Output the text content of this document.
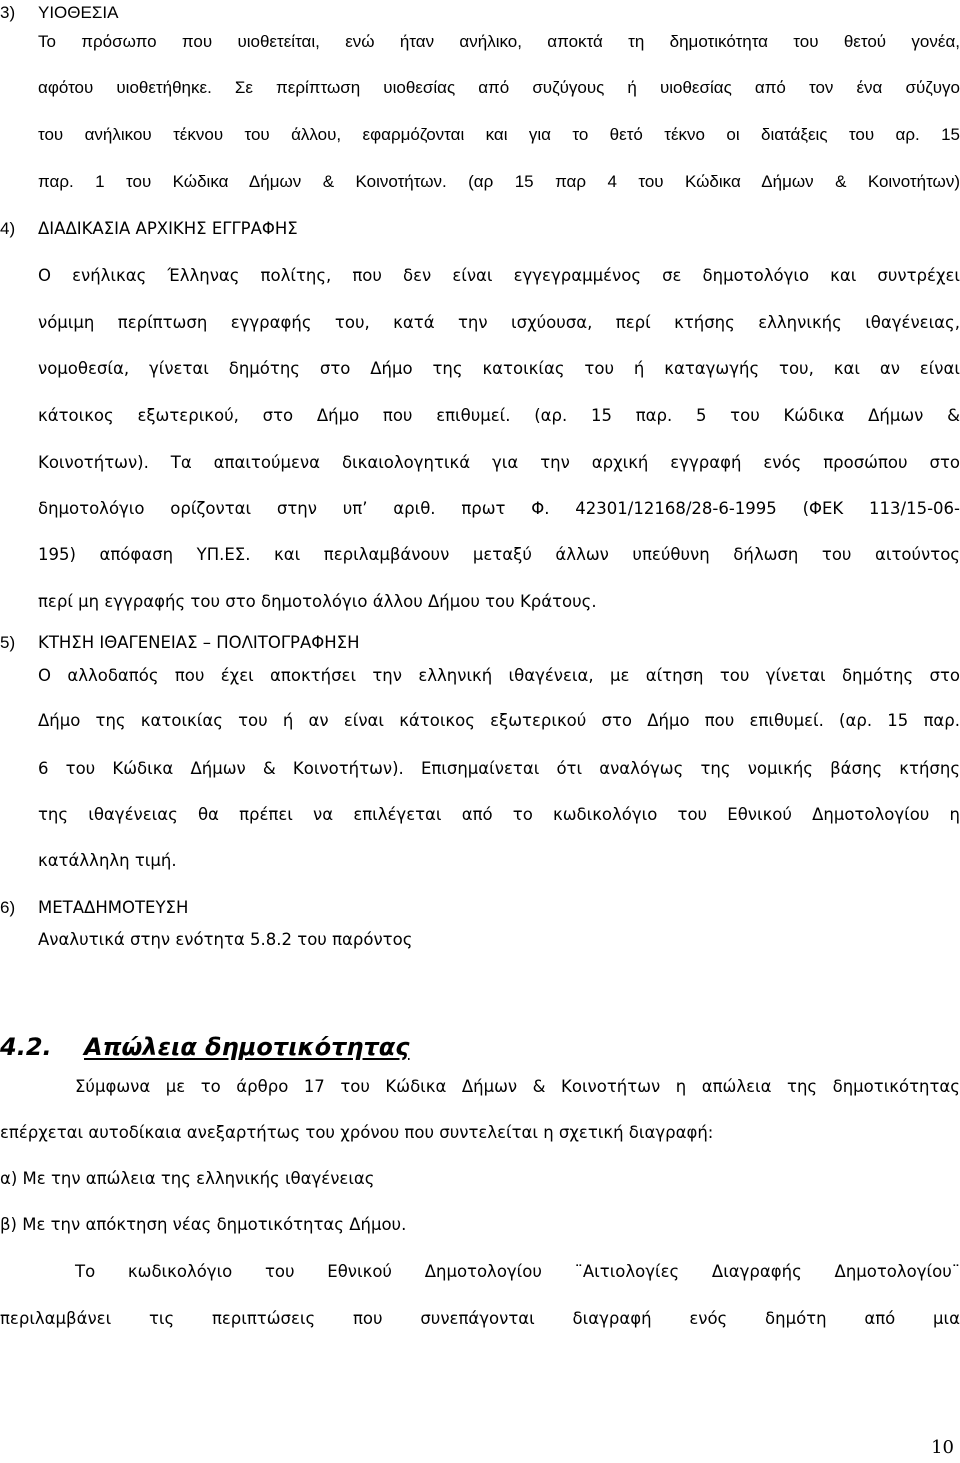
3) ΥΙΟΘΕΣΙΑ
Το πρόσωπο που υιοθετείται, ενώ ήταν ανήλικο, αποκτά τη δημοτικότητα του θετού γονέα,
αφότου υιοθετήθηκε. Σε περίπτωση υιοθεσίας από συζύγους ή υιοθεσίας από τον ένα σύζυγο
του ανήλικου τέκνου του άλλου, εφαρμόζονται και για το θετό τέκνο οι διατάξεις του αρ. 15
παρ. 1 του Κώδικα Δήμων & Κοινοτήτων. (αρ 15 παρ 4 του Κώδικα Δήμων & Κοινοτήτων)
4) ΔΙΑΔΙΚΑΣΙΑ ΑΡΧΙΚΗΣ ΕΓΓΡΑΦΗΣ
Ο ενήλικας Έλληνας πολίτης, που δεν είναι εγγεγραμμένος σε δημοτολόγιο και συντρέχει
νόμιμη περίπτωση εγγραφής του, κατά την ισχύουσα, περί κτήσης ελληνικής ιθαγένειας,
νομοθεσία, γίνεται δημότης στο Δήμο της κατοικίας του ή καταγωγής του, και αν είναι
κάτοικος εξωτερικού, στο Δήμο που επιθυμεί. (αρ. 15 παρ. 5 του Κώδικα Δήμων &
Κοινοτήτων). Τα απαιτούμενα δικαιολογητικά για την αρχική εγγραφή ενός προσώπου στο
δημοτολόγιο ορίζονται στην υπ’ αριθ. πρωτ Φ. 42301/12168/28-6-1995 (ΦΕΚ 113/15-06-
195) απόφαση ΥΠ.ΕΣ. και περιλαμβάνουν μεταξύ άλλων υπεύθυνη δήλωση του αιτούντος
περί μη εγγραφής του στο δημοτολόγιο άλλου Δήμου του Κράτους.
5) ΚΤΗΣΗ ΙΘΑΓΕΝΕΙΑΣ – ΠΟΛΙΤΟΓΡΑΦΗΣΗ
Ο αλλοδαπός που έχει αποκτήσει την ελληνική ιθαγένεια, με αίτηση του γίνεται δημότης στο
Δήμο της κατοικίας του ή αν είναι κάτοικος εξωτερικού στο Δήμο που επιθυμεί. (αρ. 15 παρ.
6 του Κώδικα Δήμων & Κοινοτήτων). Επισημαίνεται ότι αναλόγως της νομικής βάσης κτήσης
της ιθαγένειας θα πρέπει να επιλέγεται από το κωδικολόγιο του Εθνικού Δημοτολογίου η
κατάλληλη τιμή.
6) ΜΕΤΑΔΗΜΟΤΕΥΣΗ
Αναλυτικά στην ενότητα 5.8.2 του παρόντος
4.2. Απώλεια δημοτικότητας
Σύμφωνα με το άρθρο 17 του Κώδικα Δήμων & Κοινοτήτων η απώλεια της δημοτικότητας
επέρχεται αυτοδίκαια ανεξαρτήτως του χρόνου που συντελείται η σχετική διαγραφή:
α) Με την απώλεια της ελληνικής ιθαγένειας
β) Με την απόκτηση νέας δημοτικότητας Δήμου.
Το κωδικολόγιο του Εθνικού Δημοτολογίου ¨Αιτιολογίες Διαγραφής Δημοτολογίου¨
περιλαμβάνει τις περιπτώσεις που συνεπάγονται διαγραφή ενός δημότη από μια
10
